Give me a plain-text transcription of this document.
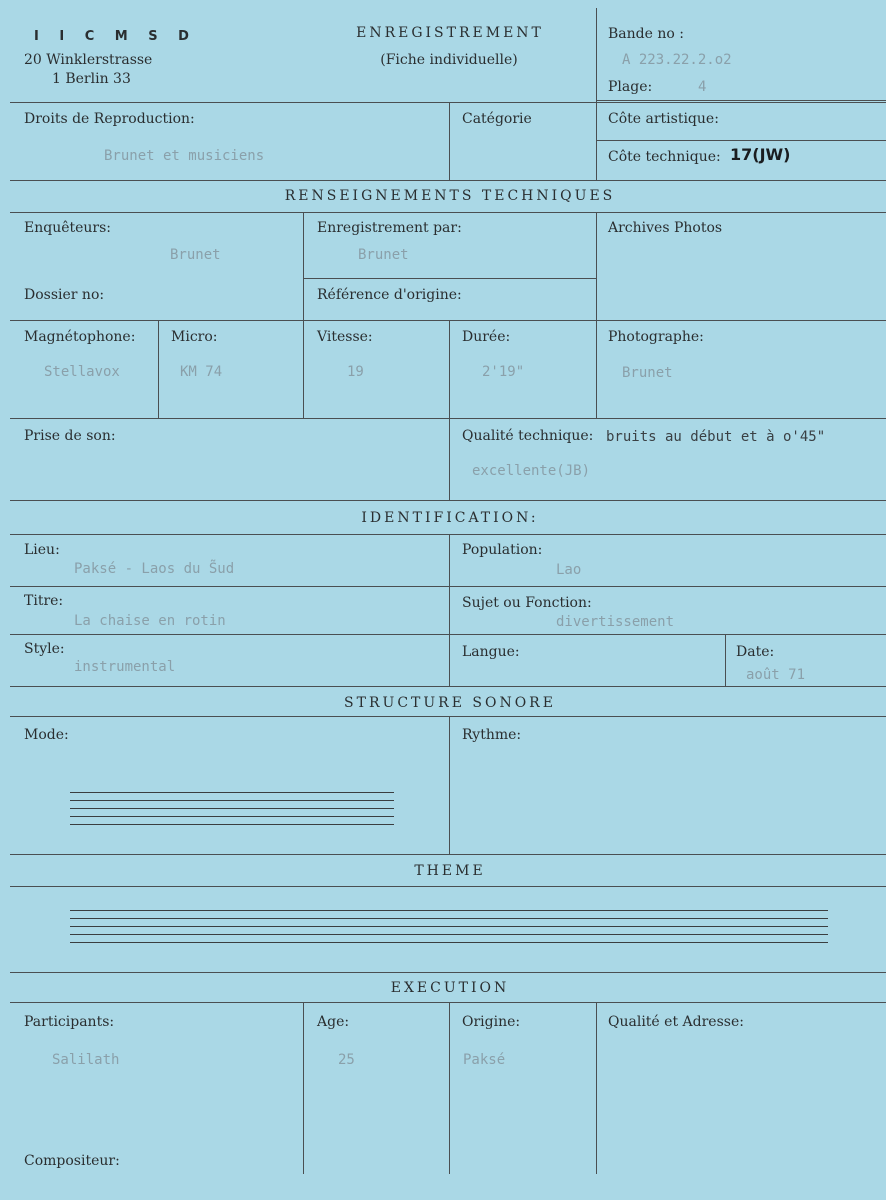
I I C M S D
20 Winklerstrasse
1 Berlin 33
ENREGISTREMENT
(Fiche individuelle)
Bande no :
A 223.22.2.o2
Plage:	4
Droits de Reproduction:
Brunet et musiciens
Catégorie	Côte artistique:
Côte technique: 17(JW)
RENSEIGNEMENTS TECHNIQUES
Enquêteurs:
Brunet
Enregistrement par:
Brunet
Archives Photos
Dossier no:	Référence d'origine:
Magnétophone:
Stellavox
Micro:
KM 74
Vitesse:
19
Durée:
2'19"
Photographe:
Brunet
Prise de son:	Qualité technique: bruits au début et à o'45"
excellente(JB)
IDENTIFICATION:
Lieu:
Paksé - Laos du S̃ud
Population:
Lao
Titre:
La chaise en rotin
Sujet ou Fonction:
divertissement
Style:
instrumental
Langue:	Date:
août 71
STRUCTURE SONORE
Mode:	Rythme:
THEME
EXECUTION
Participants:
Salilath
Age:
25
Origine:
Paksé
Qualité et Adresse:
Compositeur:
